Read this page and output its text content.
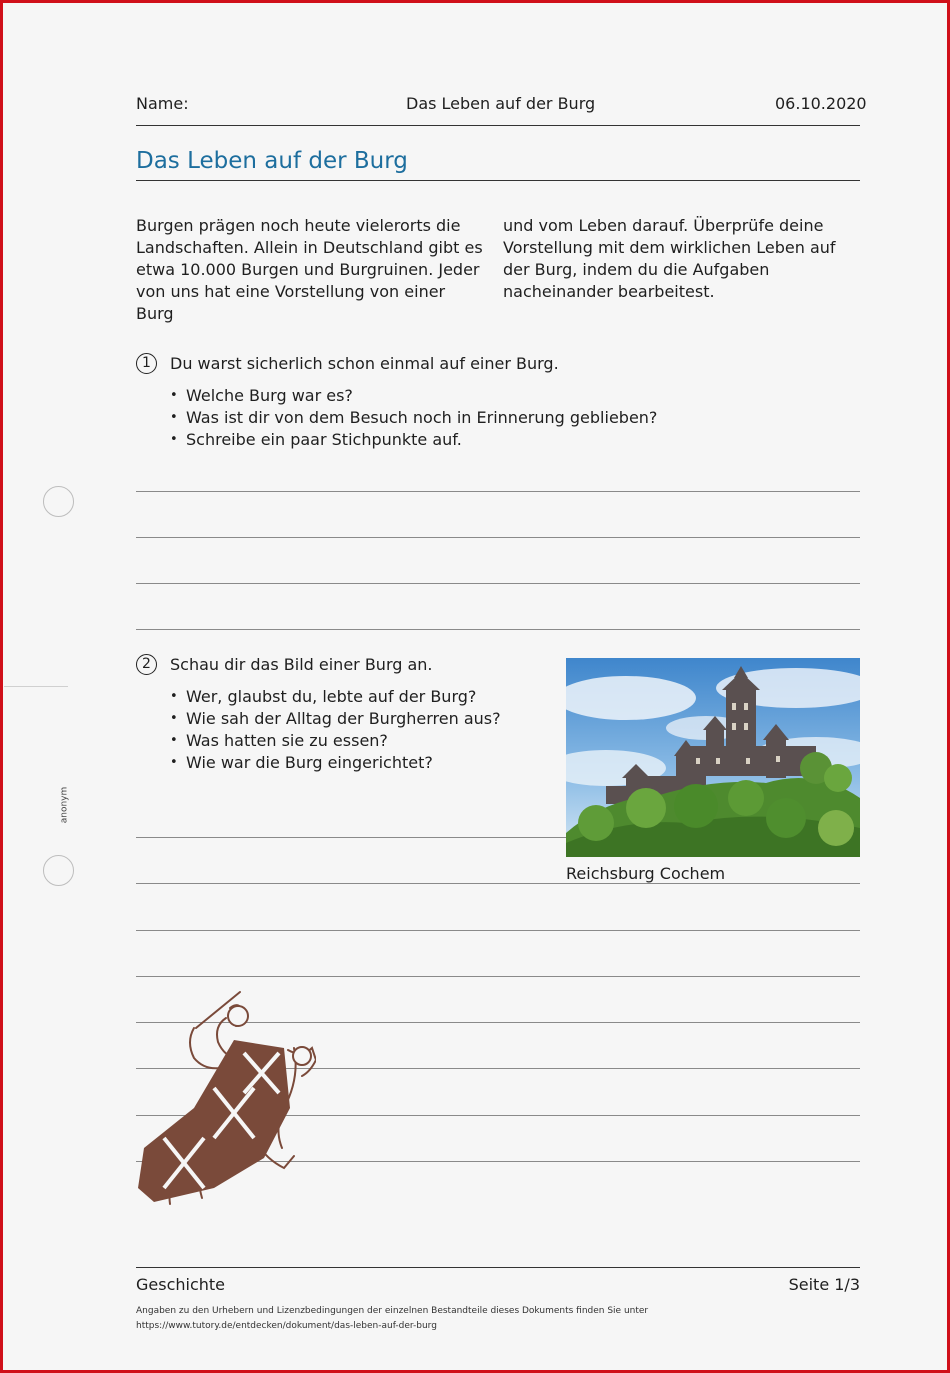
Name:	Das Leben auf der Burg	06.10.2020
Das Leben auf der Burg
Burgen prägen noch heute vielerorts die Landschaften. Allein in Deutschland gibt es etwa 10.000 Burgen und Burgruinen. Jeder von uns hat eine Vorstellung von einer Burg
und vom Leben darauf. Überprüfe deine Vorstellung mit dem wirklichen Leben auf der Burg, indem du die Aufgaben nacheinander bearbeitest.
1	Du warst sicherlich schon einmal auf einer Burg.
• Welche Burg war es?
• Was ist dir von dem Besuch noch in Erinnerung geblieben?
• Schreibe ein paar Stichpunkte auf.
2	Schau dir das Bild einer Burg an.
• Wer, glaubst du, lebte auf der Burg?
• Wie sah der Alltag der Burgherren aus?
• Was hatten sie zu essen?
• Wie war die Burg eingerichtet?
Reichsburg Cochem
anonym
Geschichte	Seite 1/3
Angaben zu den Urhebern und Lizenzbedingungen der einzelnen Bestandteile dieses Dokuments finden Sie unter
https://www.tutory.de/entdecken/dokument/das-leben-auf-der-burg
